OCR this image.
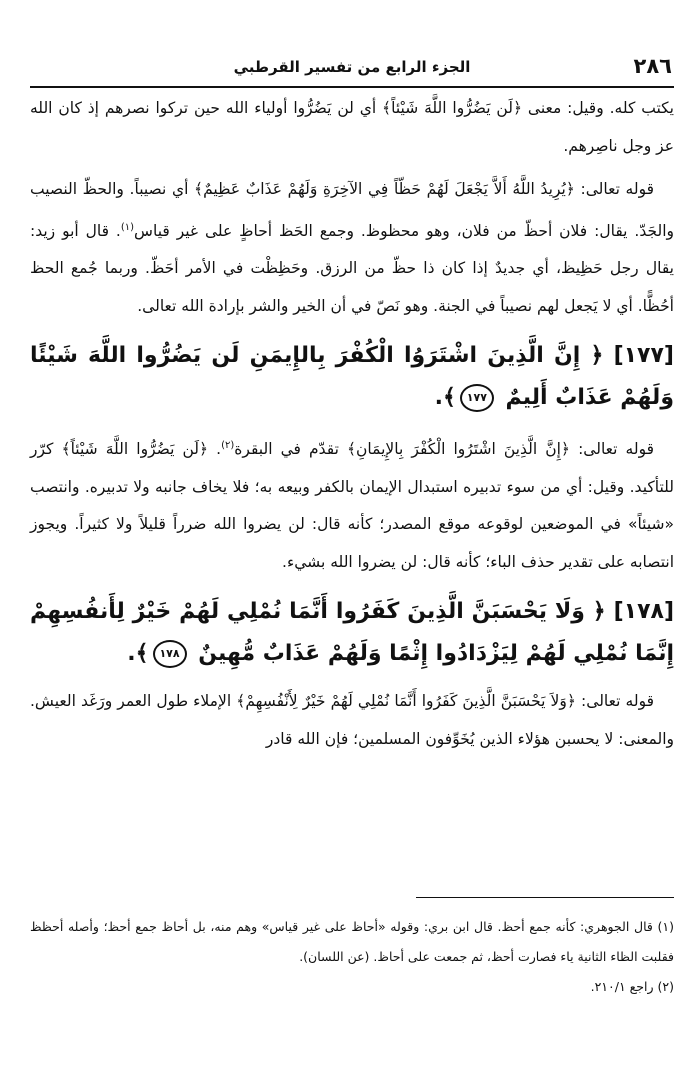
٢٨٦
الجزء الرابع من تفسير القرطبي

يكتب كله. وقيل: معنى ﴿لَن يَضُرُّوا اللَّهَ شَيْئاً﴾ أي لن يَضُرُّوا أولياء الله حين تركوا نصرهم إذ كان الله عز وجل ناصِرهم.

قوله تعالى: ﴿يُرِيدُ اللَّهُ أَلاَّ يَجْعَلَ لَهُمْ حَظّاً فِي الآخِرَةِ وَلَهُمْ عَذَابٌ عَظِيمٌ﴾ أي نصيباً. والحظّ النصيب والجَدّ. يقال: فلان أحظّ من فلان، وهو محظوظ. وجمع الحَظ أحاظٍ على غير قياس$^{(١)}$. قال أبو زيد: يقال رجل حَظِيظ، أي جديدٌ إذا كان ذا حظّ من الرزق. وحَظِظْت في الأمر أحَظّ. وربما جُمع الحظ أحُظًّا. أي لا يَجعل لهم نصيباً في الجنة. وهو نَصّ في أن الخير والشر بإرادة الله تعالى.

[١٧٧] ﴿ إِنَّ الَّذِينَ اشْتَرَوُا الْكُفْرَ بِالإِيمَنِ لَن يَضُرُّوا اللَّهَ شَيْئًا وَلَهُمْ عَذَابٌ أَلِيمٌ ١٧٧﴾.

قوله تعالى: ﴿إِنَّ الَّذِينَ اشْتَرُوا الْكُفْرَ بِالإِيمَانِ﴾ تقدّم في البقرة$^{(٢)}$. ﴿لَن يَضُرُّوا اللَّهَ شَيْئاً﴾ كرّر للتأكيد. وقيل: أي من سوء تدبيره استبدال الإيمان بالكفر وبيعه به؛ فلا يخاف جانبه ولا تدبيره. وانتصب «شيئاً» في الموضعين لوقوعه موقع المصدر؛ كأنه قال: لن يضروا الله ضرراً قليلاً ولا كثيراً. ويجوز انتصابه على تقدير حذف الباء؛ كأنه قال: لن يضروا الله بشيء.

[١٧٨] ﴿ وَلَا يَحْسَبَنَّ الَّذِينَ كَفَرُوا أَنَّمَا نُمْلِي لَهُمْ خَيْرٌ لِأَنفُسِهِمْ إِنَّمَا نُمْلِي لَهُمْ لِيَزْدَادُوا إِثْمًا وَلَهُمْ عَذَابٌ مُّهِينٌ ١٧٨﴾.

قوله تعالى: ﴿وَلاَ يَحْسَبَنَّ الَّذِينَ كَفَرُوا أَنَّمَا نُمْلِي لَهُمْ خَيْرٌ لِأَنْفُسِهِمْ﴾ الإملاء طول العمر ورَغَد العيش. والمعنى: لا يحسبن هؤلاء الذين يُخَوِّفون المسلمين؛ فإن الله قادر

(١) قال الجوهري: كأنه جمع أحظ. قال ابن بري: وقوله «أحاظ على غير قياس» وهم منه، بل أحاظ جمع أحظ؛ وأصله أحظظ فقلبت الظاء الثانية ياء فصارت أحظ، ثم جمعت على أحاظ. (عن اللسان).

(٢) راجع ٢١٠/١.
